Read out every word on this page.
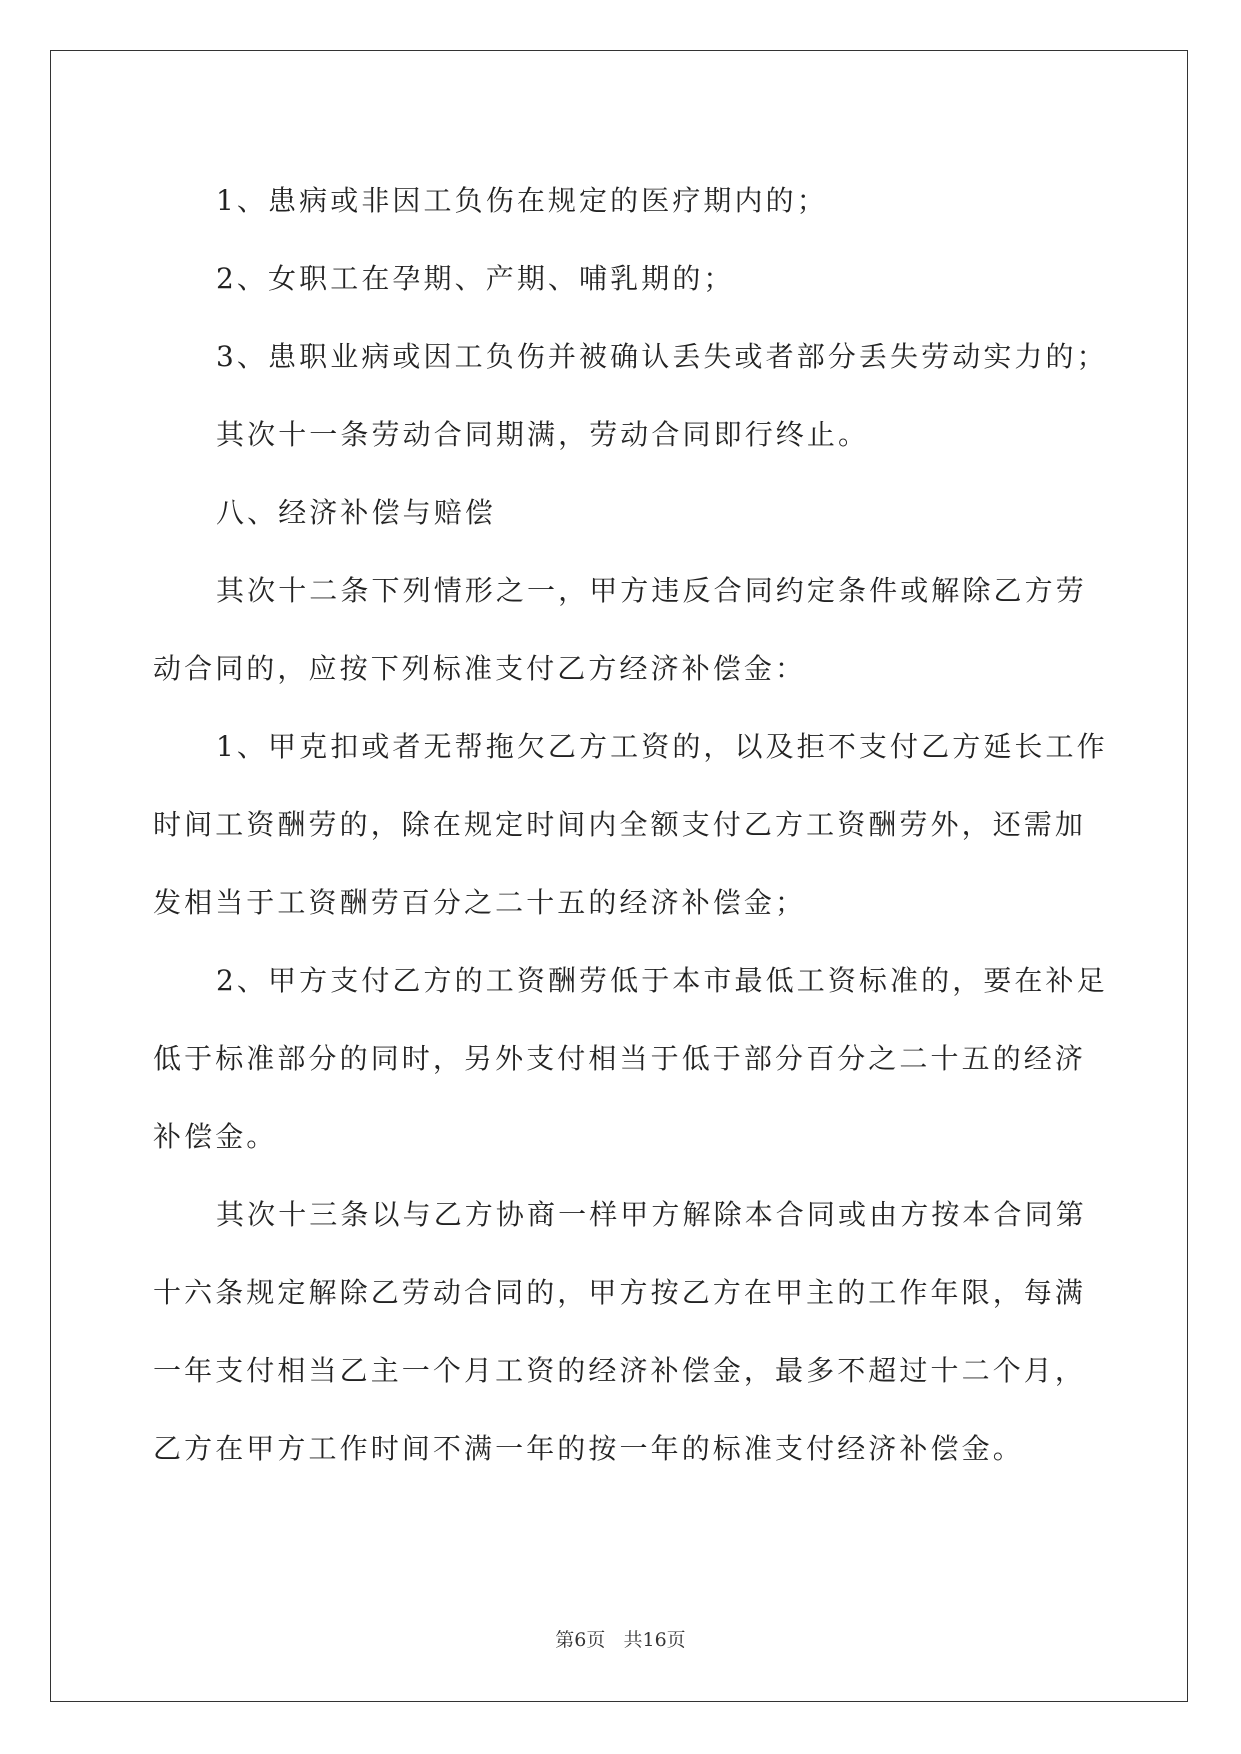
1、患病或非因工负伤在规定的医疗期内的；

2、女职工在孕期、产期、哺乳期的；

3、患职业病或因工负伤并被确认丢失或者部分丢失劳动实力的；

其次十一条劳动合同期满，劳动合同即行终止。

八、经济补偿与赔偿

其次十二条下列情形之一，甲方违反合同约定条件或解除乙方劳

动合同的，应按下列标准支付乙方经济补偿金：

1、甲克扣或者无帮拖欠乙方工资的，以及拒不支付乙方延长工作

时间工资酬劳的，除在规定时间内全额支付乙方工资酬劳外，还需加

发相当于工资酬劳百分之二十五的经济补偿金；

2、甲方支付乙方的工资酬劳低于本市最低工资标准的，要在补足

低于标准部分的同时，另外支付相当于低于部分百分之二十五的经济

补偿金。

其次十三条以与乙方协商一样甲方解除本合同或由方按本合同第

十六条规定解除乙劳动合同的，甲方按乙方在甲主的工作年限，每满

一年支付相当乙主一个月工资的经济补偿金，最多不超过十二个月，

乙方在甲方工作时间不满一年的按一年的标准支付经济补偿金。

第6页   共16页
